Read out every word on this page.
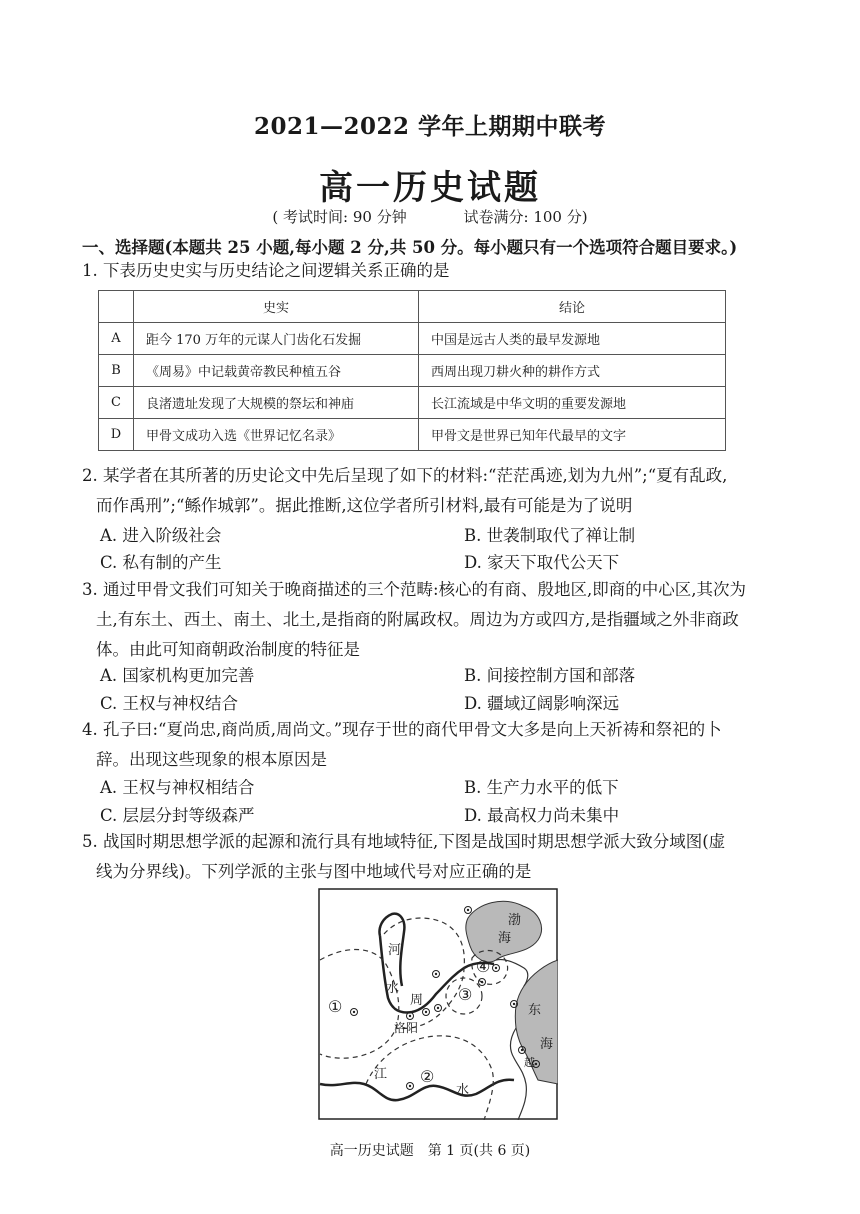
2021—2022 学年上期期中联考
高一历史试题
( 考试时间: 90 分钟	试卷满分: 100 分)
一、选择题(本题共 25 小题,每小题 2 分,共 50 分。每小题只有一个选项符合题目要求。)
1. 下表历史史实与历史结论之间逻辑关系正确的是
	史实	结论
A	距今 170 万年的元谋人门齿化石发掘	中国是远古人类的最早发源地
B	《周易》中记载黄帝教民种植五谷	西周出现刀耕火种的耕作方式
C	良渚遗址发现了大规模的祭坛和神庙	长江流域是中华文明的重要发源地
D	甲骨文成功入选《世界记忆名录》	甲骨文是世界已知年代最早的文字
2. 某学者在其所著的历史论文中先后呈现了如下的材料:“茫茫禹迹,划为九州”;“夏有乱政,
而作禹刑”;“鲧作城郭”。据此推断,这位学者所引材料,最有可能是为了说明
A. 进入阶级社会	B. 世袭制取代了禅让制
C. 私有制的产生	D. 家天下取代公天下
3. 通过甲骨文我们可知关于晚商描述的三个范畴:核心的有商、殷地区,即商的中心区,其次为
土,有东土、西土、南土、北土,是指商的附属政权。周边为方或四方,是指疆域之外非商政
体。由此可知商朝政治制度的特征是
A. 国家机构更加完善	B. 间接控制方国和部落
C. 王权与神权结合	D. 疆域辽阔影响深远
4. 孔子曰:“夏尚忠,商尚质,周尚文。”现存于世的商代甲骨文大多是向上天祈祷和祭祀的卜
辞。出现这些现象的根本原因是
A. 王权与神权相结合	B. 生产力水平的低下
C. 层层分封等级森严	D. 最高权力尚未集中
5. 战国时期思想学派的起源和流行具有地域特征,下图是战国时期思想学派大致分域图(虚
线为分界线)。下列学派的主张与图中地域代号对应正确的是
渤
海
河
水
周
洛阳
东
海
越
江
水
①
②
③
④
高一历史试题　第 1 页(共 6 页)
